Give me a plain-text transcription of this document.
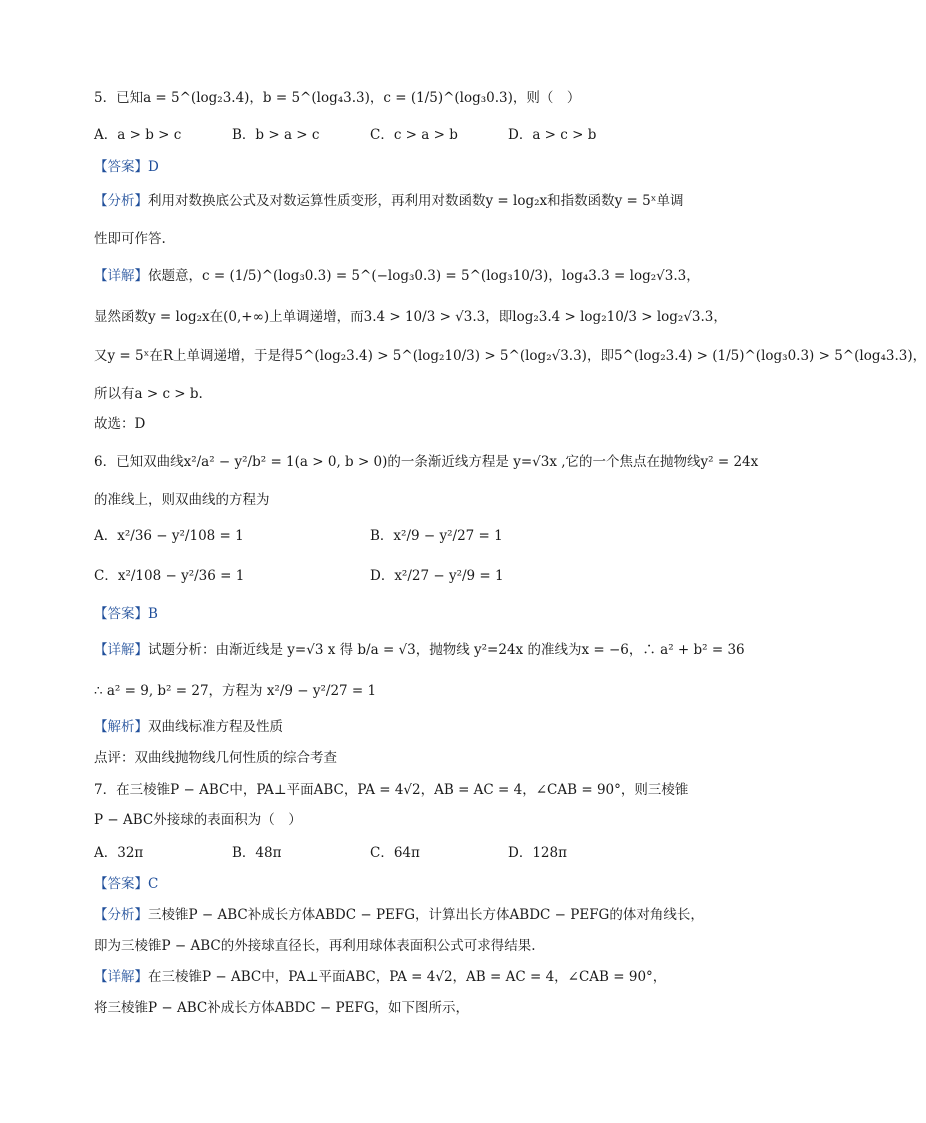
5．已知a = 5^(log₂3.4)，b = 5^(log₄3.3)，c = (1/5)^(log₃0.3)，则（　）
A．a > b > c	B．b > a > c	C．c > a > b	D．a > c > b
【答案】D
【分析】利用对数换底公式及对数运算性质变形，再利用对数函数y = log₂x和指数函数y = 5ˣ单调
性即可作答.
【详解】依题意，c = (1/5)^(log₃0.3) = 5^(−log₃0.3) = 5^(log₃10/3)，log₄3.3 = log₂√3.3，
显然函数y = log₂x在(0,+∞)上单调递增，而3.4 > 10/3 > √3.3，即log₂3.4 > log₂10/3 > log₂√3.3，
又y = 5ˣ在R上单调递增，于是得5^(log₂3.4) > 5^(log₂10/3) > 5^(log₂√3.3)，即5^(log₂3.4) > (1/5)^(log₃0.3) > 5^(log₄3.3)，
所以有a > c > b.
故选：D
6．已知双曲线x²/a² − y²/b² = 1(a > 0, b > 0)的一条渐近线方程是 y=√3x ,它的一个焦点在抛物线y² = 24x
的准线上，则双曲线的方程为
A．x²/36 − y²/108 = 1	B．x²/9 − y²/27 = 1
C．x²/108 − y²/36 = 1	D．x²/27 − y²/9 = 1
【答案】B
【详解】试题分析：由渐近线是 y=√3 x 得 b/a = √3，抛物线 y²=24x 的准线为x = −6，∴ a² + b² = 36
∴ a² = 9, b² = 27，方程为 x²/9 − y²/27 = 1
【解析】双曲线标准方程及性质
点评：双曲线抛物线几何性质的综合考查
7．在三棱锥P − ABC中，PA⊥平面ABC，PA = 4√2，AB = AC = 4，∠CAB = 90°，则三棱锥
P − ABC外接球的表面积为（　）
A．32π	B．48π	C．64π	D．128π
【答案】C
【分析】三棱锥P − ABC补成长方体ABDC − PEFG，计算出长方体ABDC − PEFG的体对角线长，
即为三棱锥P − ABC的外接球直径长，再利用球体表面积公式可求得结果.
【详解】在三棱锥P − ABC中，PA⊥平面ABC，PA = 4√2，AB = AC = 4，∠CAB = 90°，
将三棱锥P − ABC补成长方体ABDC − PEFG，如下图所示，
